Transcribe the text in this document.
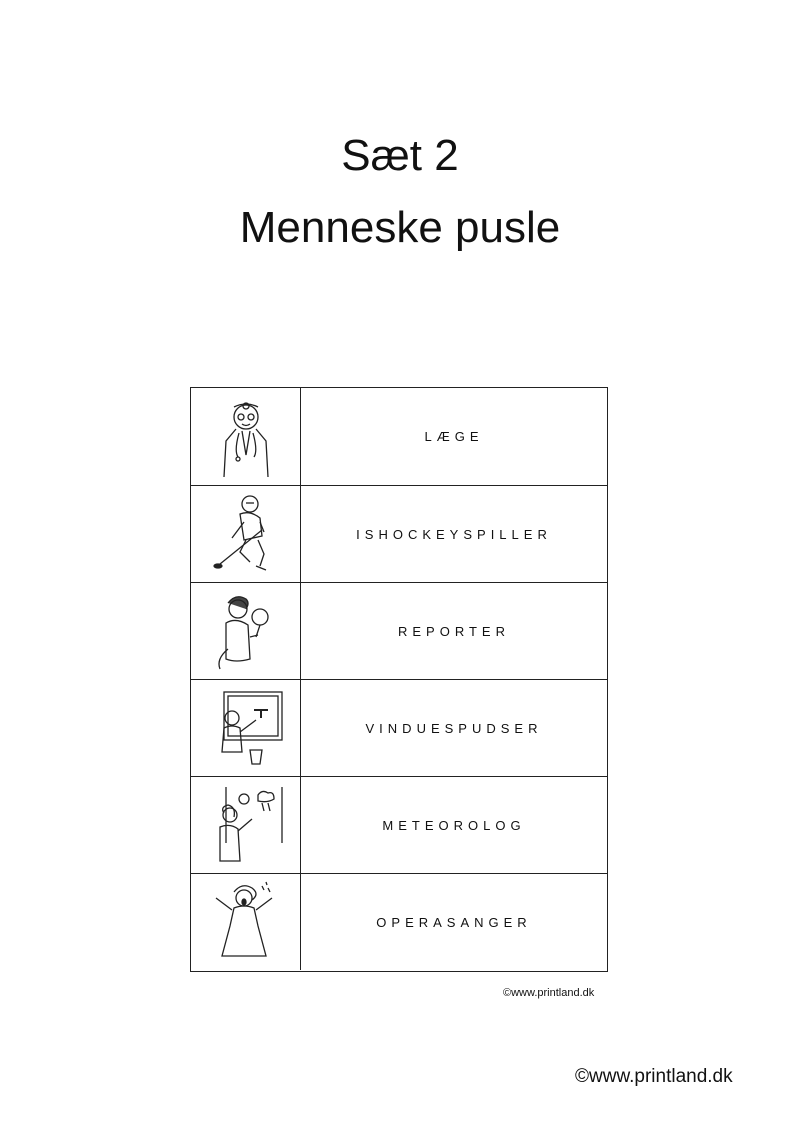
Sæt 2
Menneske pusle
LÆGE
ISHOCKEYSPILLER
REPORTER
VINDUESPUDSER
METEOROLOG
OPERASANGER
©www.printland.dk
©www.printland.dk
